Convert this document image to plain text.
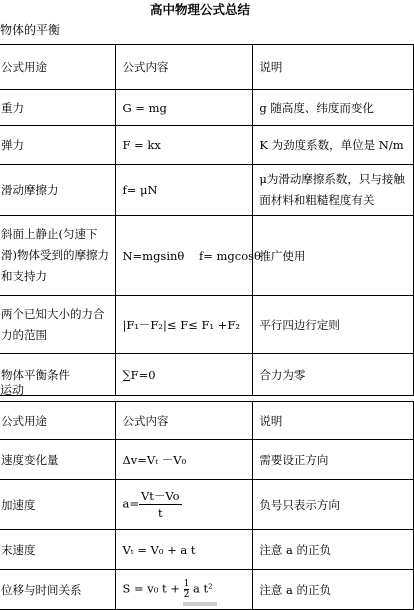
高中物理公式总结
物体的平衡
公式用途	公式内容	说明
重力	G = mg	g 随高度、纬度而变化
弹力	F = kx	K 为劲度系数，单位是 N/m
滑动摩擦力	f= μN	μ为滑动摩擦系数，只与接触面材料和粗糙程度有关
斜面上静止(匀速下滑)物体受到的摩擦力和支持力	N=mgsinθ f= mgcosθ	推广使用
两个已知大小的力合力的范围	|F₁－F₂|≤ F≤ F₁ +F₂	平行四边行定则
物体平衡条件	∑F=0	合力为零
运动
公式用途	公式内容	说明
速度变化量	Δv=Vₜ －V₀	需要设正方向
加速度	$a= \frac{Vt-Vo}{t}$	负号只表示方向
末速度	Vₜ = V₀ + a t	注意 a 的正负
位移与时间关系	S = v₀ $t + \frac{1}{2}$ a t²	注意 a 的正负
